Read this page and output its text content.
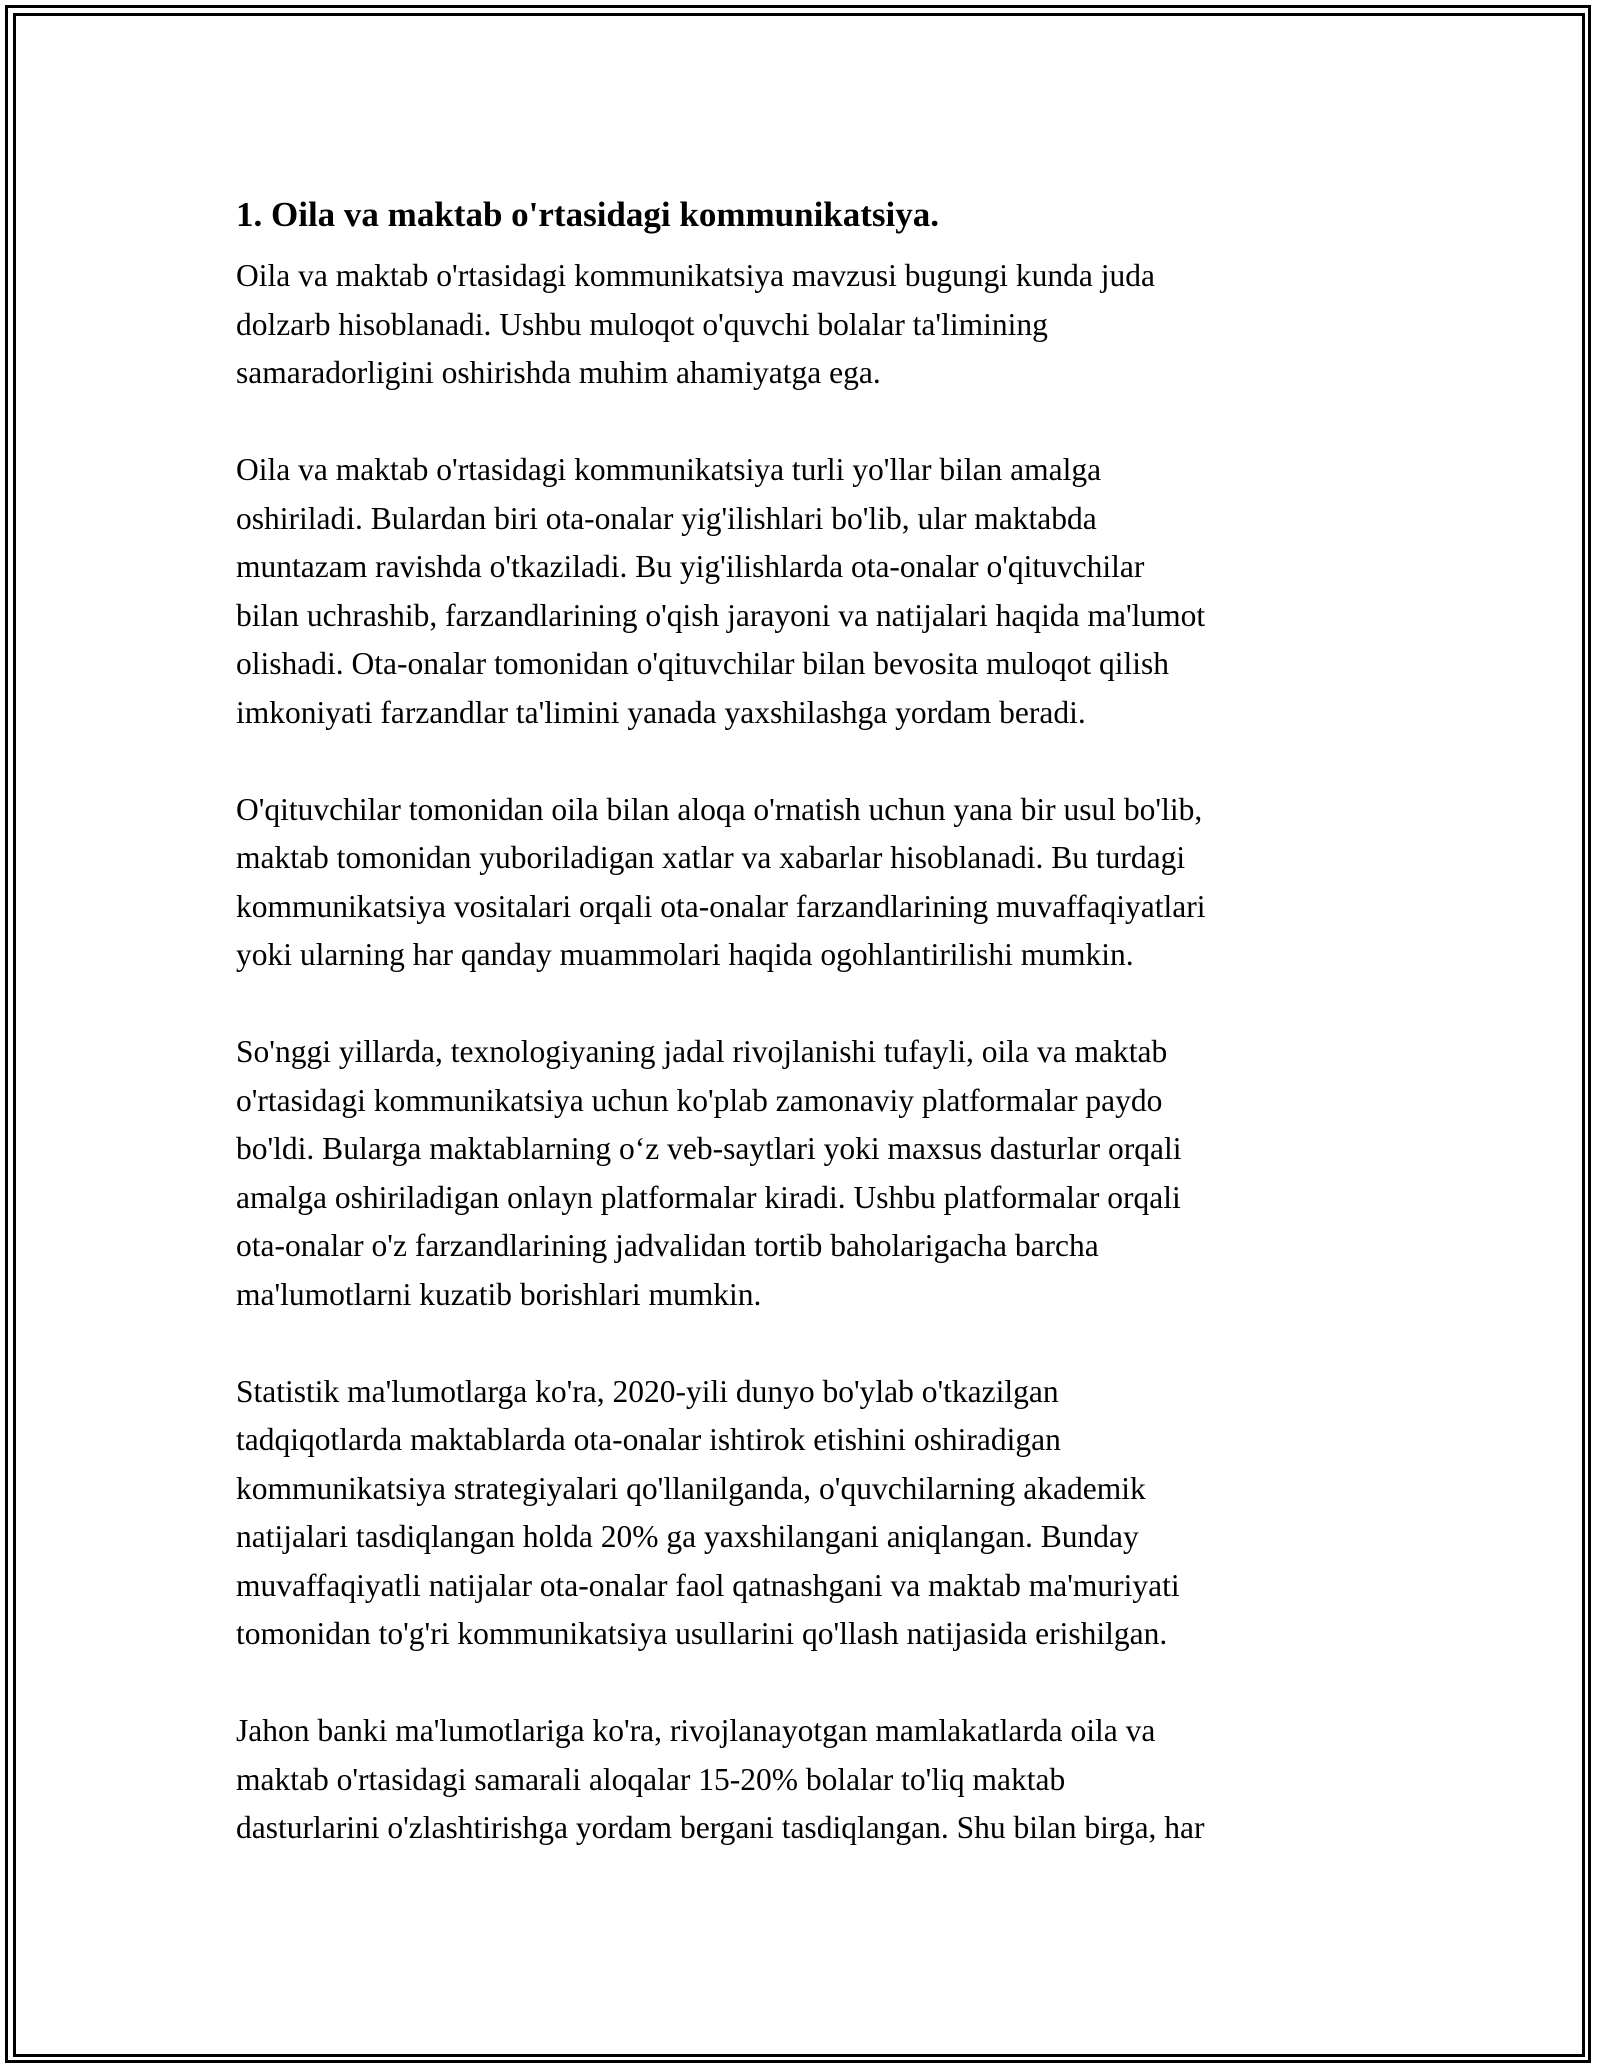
1. Oila va maktab o'rtasidagi kommunikatsiya.

Oila va maktab o'rtasidagi kommunikatsiya mavzusi bugungi kunda juda
dolzarb hisoblanadi. Ushbu muloqot o'quvchi bolalar ta'limining
samaradorligini oshirishda muhim ahamiyatga ega.

Oila va maktab o'rtasidagi kommunikatsiya turli yo'llar bilan amalga
oshiriladi. Bulardan biri ota-onalar yig'ilishlari bo'lib, ular maktabda
muntazam ravishda o'tkaziladi. Bu yig'ilishlarda ota-onalar o'qituvchilar
bilan uchrashib, farzandlarining o'qish jarayoni va natijalari haqida ma'lumot
olishadi. Ota-onalar tomonidan o'qituvchilar bilan bevosita muloqot qilish
imkoniyati farzandlar ta'limini yanada yaxshilashga yordam beradi.

O'qituvchilar tomonidan oila bilan aloqa o'rnatish uchun yana bir usul bo'lib,
maktab tomonidan yuboriladigan xatlar va xabarlar hisoblanadi. Bu turdagi
kommunikatsiya vositalari orqali ota-onalar farzandlarining muvaffaqiyatlari
yoki ularning har qanday muammolari haqida ogohlantirilishi mumkin.

So'nggi yillarda, texnologiyaning jadal rivojlanishi tufayli, oila va maktab
o'rtasidagi kommunikatsiya uchun ko'plab zamonaviy platformalar paydo
bo'ldi. Bularga maktablarning o‘z veb-saytlari yoki maxsus dasturlar orqali
amalga oshiriladigan onlayn platformalar kiradi. Ushbu platformalar orqali
ota-onalar o'z farzandlarining jadvalidan tortib baholarigacha barcha
ma'lumotlarni kuzatib borishlari mumkin.

Statistik ma'lumotlarga ko'ra, 2020-yili dunyo bo'ylab o'tkazilgan
tadqiqotlarda maktablarda ota-onalar ishtirok etishini oshiradigan
kommunikatsiya strategiyalari qo'llanilganda, o'quvchilarning akademik
natijalari tasdiqlangan holda 20% ga yaxshilangani aniqlangan. Bunday
muvaffaqiyatli natijalar ota-onalar faol qatnashgani va maktab ma'muriyati
tomonidan to'g'ri kommunikatsiya usullarini qo'llash natijasida erishilgan.

Jahon banki ma'lumotlariga ko'ra, rivojlanayotgan mamlakatlarda oila va
maktab o'rtasidagi samarali aloqalar 15-20% bolalar to'liq maktab
dasturlarini o'zlashtirishga yordam bergani tasdiqlangan. Shu bilan birga, har
